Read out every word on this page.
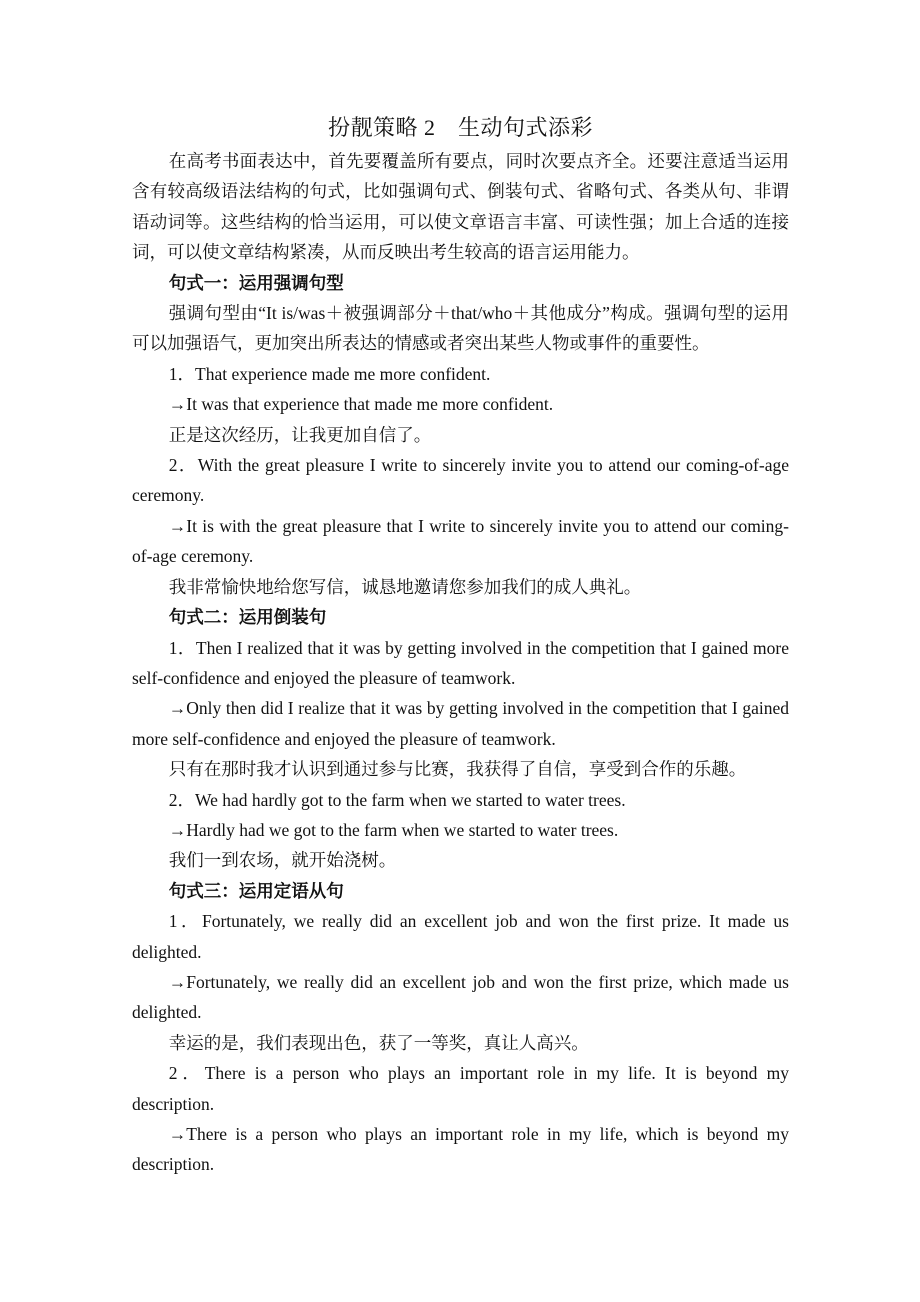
扮靓策略 2　生动句式添彩

在高考书面表达中，首先要覆盖所有要点，同时次要点齐全。还要注意适当运用含有较高级语法结构的句式，比如强调句式、倒装句式、省略句式、各类从句、非谓语动词等。这些结构的恰当运用，可以使文章语言丰富、可读性强；加上合适的连接词，可以使文章结构紧凑，从而反映出考生较高的语言运用能力。

句式一：运用强调句型

强调句型由“It is/was＋被强调部分＋that/who＋其他成分”构成。强调句型的运用可以加强语气，更加突出所表达的情感或者突出某些人物或事件的重要性。

1．That experience made me more confident.

→It was that experience that made me more confident.

正是这次经历，让我更加自信了。

2．With the great pleasure I write to sincerely invite you to attend our coming-of-age ceremony.

→It is with the great pleasure that I write to sincerely invite you to attend our coming-of-age ceremony.

我非常愉快地给您写信，诚恳地邀请您参加我们的成人典礼。

句式二：运用倒装句

1．Then I realized that it was by getting involved in the competition that I gained more self-confidence and enjoyed the pleasure of teamwork.

→Only then did I realize that it was by getting involved in the competition that I gained more self-confidence and enjoyed the pleasure of teamwork.

只有在那时我才认识到通过参与比赛，我获得了自信，享受到合作的乐趣。

2．We had hardly got to the farm when we started to water trees.

→Hardly had we got to the farm when we started to water trees.

我们一到农场，就开始浇树。

句式三：运用定语从句

1．Fortunately, we really did an excellent job and won the first prize. It made us delighted.

→Fortunately, we really did an excellent job and won the first prize, which made us delighted.

幸运的是，我们表现出色，获了一等奖，真让人高兴。

2．There is a person who plays an important role in my life. It is beyond my description.

→There is a person who plays an important role in my life, which is beyond my description.
